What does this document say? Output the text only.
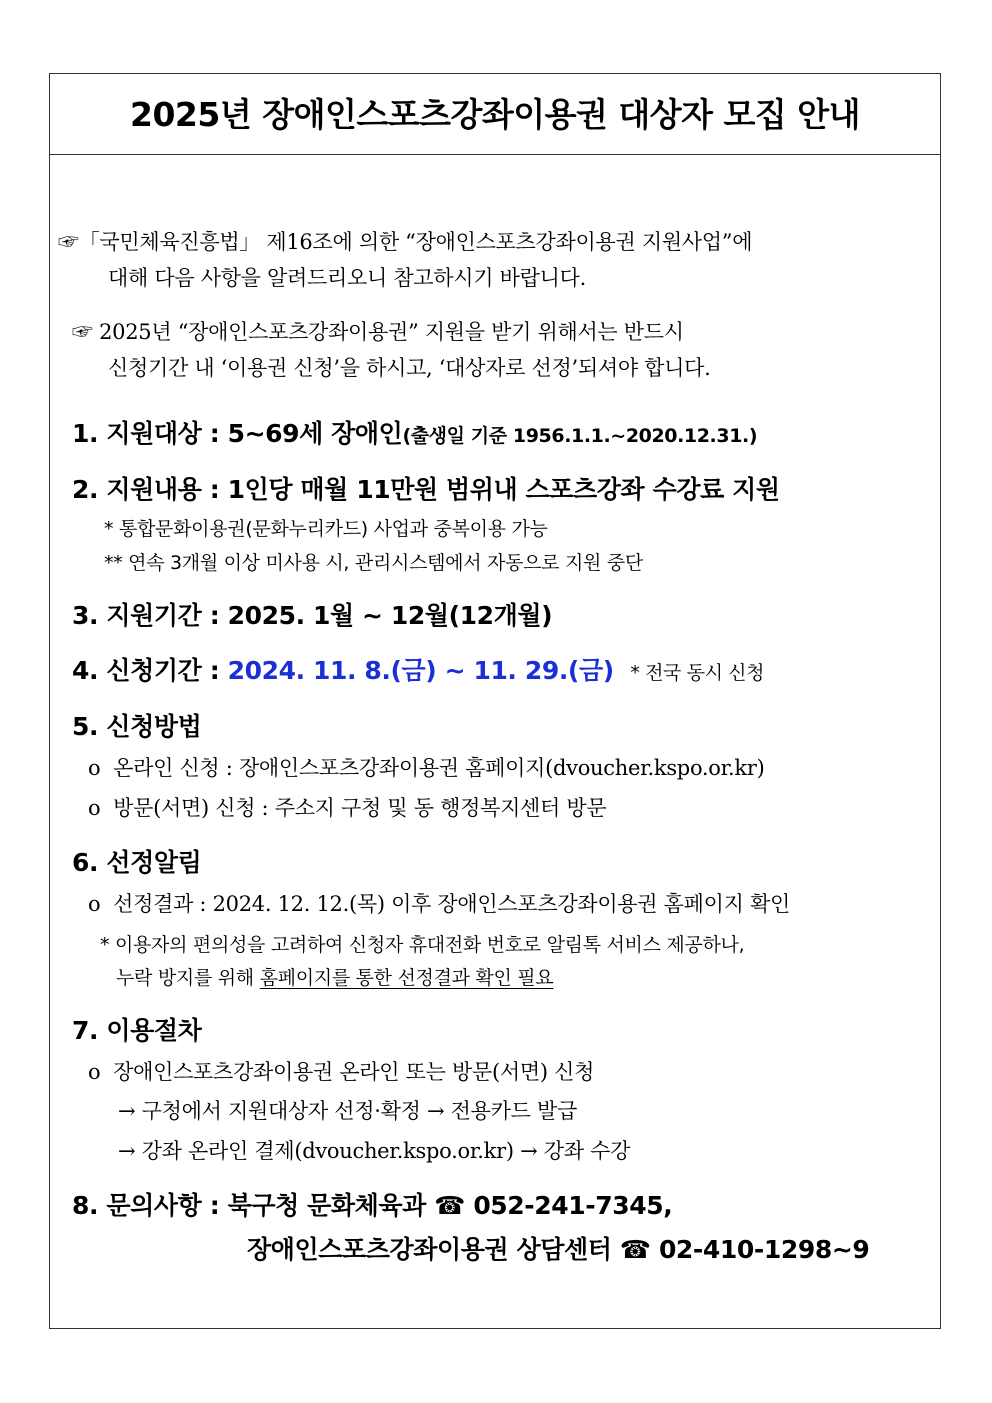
2025년 장애인스포츠강좌이용권 대상자 모집 안내
☞「국민체육진흥법」 제16조에 의한 “장애인스포츠강좌이용권 지원사업”에
대해 다음 사항을 알려드리오니 참고하시기 바랍니다.
☞ 2025년 “장애인스포츠강좌이용권” 지원을 받기 위해서는 반드시
신청기간 내 ‘이용권 신청’을 하시고, ‘대상자로 선정’되셔야 합니다.
1. 지원대상 : 5~69세 장애인(출생일 기준 1956.1.1.~2020.12.31.)
2. 지원내용 : 1인당 매월 11만원 범위내 스포츠강좌 수강료 지원
* 통합문화이용권(문화누리카드) 사업과 중복이용 가능
** 연속 3개월 이상 미사용 시, 관리시스템에서 자동으로 지원 중단
3. 지원기간 : 2025. 1월 ~ 12월(12개월)
4. 신청기간 : 2024. 11. 8.(금) ~ 11. 29.(금) * 전국 동시 신청
5. 신청방법
o 온라인 신청 : 장애인스포츠강좌이용권 홈페이지(dvoucher.kspo.or.kr)
o 방문(서면) 신청 : 주소지 구청 및 동 행정복지센터 방문
6. 선정알림
o 선정결과 : 2024. 12. 12.(목) 이후 장애인스포츠강좌이용권 홈페이지 확인
* 이용자의 편의성을 고려하여 신청자 휴대전화 번호로 알림톡 서비스 제공하나,
누락 방지를 위해 홈페이지를 통한 선정결과 확인 필요
7. 이용절차
o 장애인스포츠강좌이용권 온라인 또는 방문(서면) 신청
→ 구청에서 지원대상자 선정·확정 → 전용카드 발급
→ 강좌 온라인 결제(dvoucher.kspo.or.kr) → 강좌 수강
8. 문의사항 : 북구청 문화체육과 ☎ 052-241-7345,
장애인스포츠강좌이용권 상담센터 ☎ 02-410-1298~9
